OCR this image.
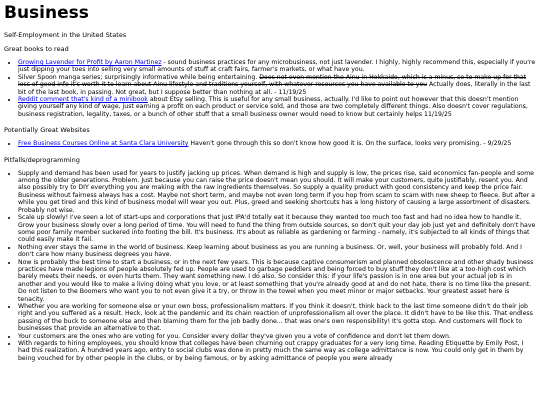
Business
Self-Employment in the United States
Great books to read
• Growing Lavender for Profit by Aaron Martinez - sound business practices for any microbusiness, not just lavender. I highly, highly recommend this, especially if you're just dipping your toes into selling very small amounts of stuff at craft fairs, farmer's markets, or what have you.
• Silver Spoon manga series; surprisingly informative while being entertaining. Does not even mention the Ainu in Hokkaido, which is a minus, so to make up for that loss of good info it's worth it to learn about Ainu lifestyle and traditions yourself, with whatever resources you have available to you Actually does, literally in the last bit of the last book, in passing. Not great, but I suppose better than nothing at all. - 11/19/25
• Reddit comment that's kind of a minibook about Etsy selling. This is useful for any small business, actually. I'd like to point out however that this doesn't mention giving yourself any kind of wage, just earning a profit on each product or service sold, and those are two completely different things. Also doesn't cover regulations, business registration, legality, taxes, or a bunch of other stuff that a small business owner would need to know but certainly helps 11/19/25
Potentially Great Websites
• Free Business Courses Online at Santa Clara University Haven't gone through this so don't know how good it is. On the surface, looks very promising. - 9/29/25
Pitfalls/deprogramming
• Supply and demand has been used for years to justify jacking up prices. When demand is high and supply is low, the prices rise, said economics fan-people and some among the older generations. Problem. Just because you can raise the price doesn't mean you should. It will make your customers, quite justifiably, resent you. And also possibly try to DIY everything you are making with the raw ingredients themselves. So supply a quality product with good consistency and keep the price fair. Business without fairness always has a cost. Maybe not short term, and maybe not even long term if you hop from scam to scam with new sheep to fleece. But after a while you get tired and this kind of business model will wear you out. Plus, greed and seeking shortcuts has a long history of causing a large assortment of disasters. Probably not wise.
• Scale up slowly! I've seen a lot of start-ups and corporations that just IPA'd totally eat it because they wanted too much too fast and had no idea how to handle it. Grow your business slowly over a long period of time. You will need to fund the thing from outside sources, so don't quit your day job just yet and definitely don't have some poor family member suckered into footing the bill. It's business. It's about as reliable as gardening or farming - namely, it's subjected to all kinds of things that could easily make it fail.
• Nothing ever stays the same in the world of business. Keep learning about business as you are running a business. Or, well, your business will probably fold. And I don't care how many business degrees you have.
• Now is probably the best time to start a business, or in the next few years. This is because captive consumerism and planned obsolescence and other shady business practices have made legions of people absolutely fed up. People are used to garbage peddlers and being forced to buy stuff they don't like at a too-high cost which barely meets their needs, or even hurts them. They want something new. I do also. So consider this: if your life's passion is in one area but your actual job is in another and you would like to make a living doing what you love, or at least something that you're already good at and do not hate, there is no time like the present. Do not listen to the Boomers who want you to not even give it a try, or throw in the towel when you meet minor or major setbacks. Your greatest asset here is tenacity.
• Whether you are working for someone else or your own boss, professionalism matters. If you think it doesn't, think back to the last time someone didn't do their job right and you suffered as a result. Heck, look at the pandemic and its chain reaction of unprofessionalism all over the place. It didn't have to be like this. That endless passing of the buck to someone else and then blaming them for the job badly done... that was one's own responsibility! It's gotta stop. And customers will flock to businesses that provide an alternative to that.
• Your customers are the ones who are voting for you. Consider every dollar they've given you a vote of confidence and don't let them down.
• With regards to hiring employees, you should know that colleges have been churning out crappy graduates for a very long time. Reading Etiquette by Emily Post, I had this realization. A hundred years ago, entry to social clubs was done in pretty much the same way as college admittance is now. You could only get in them by being vouched for by other people in the clubs, or by being famous, or by asking admittance of people you were already
